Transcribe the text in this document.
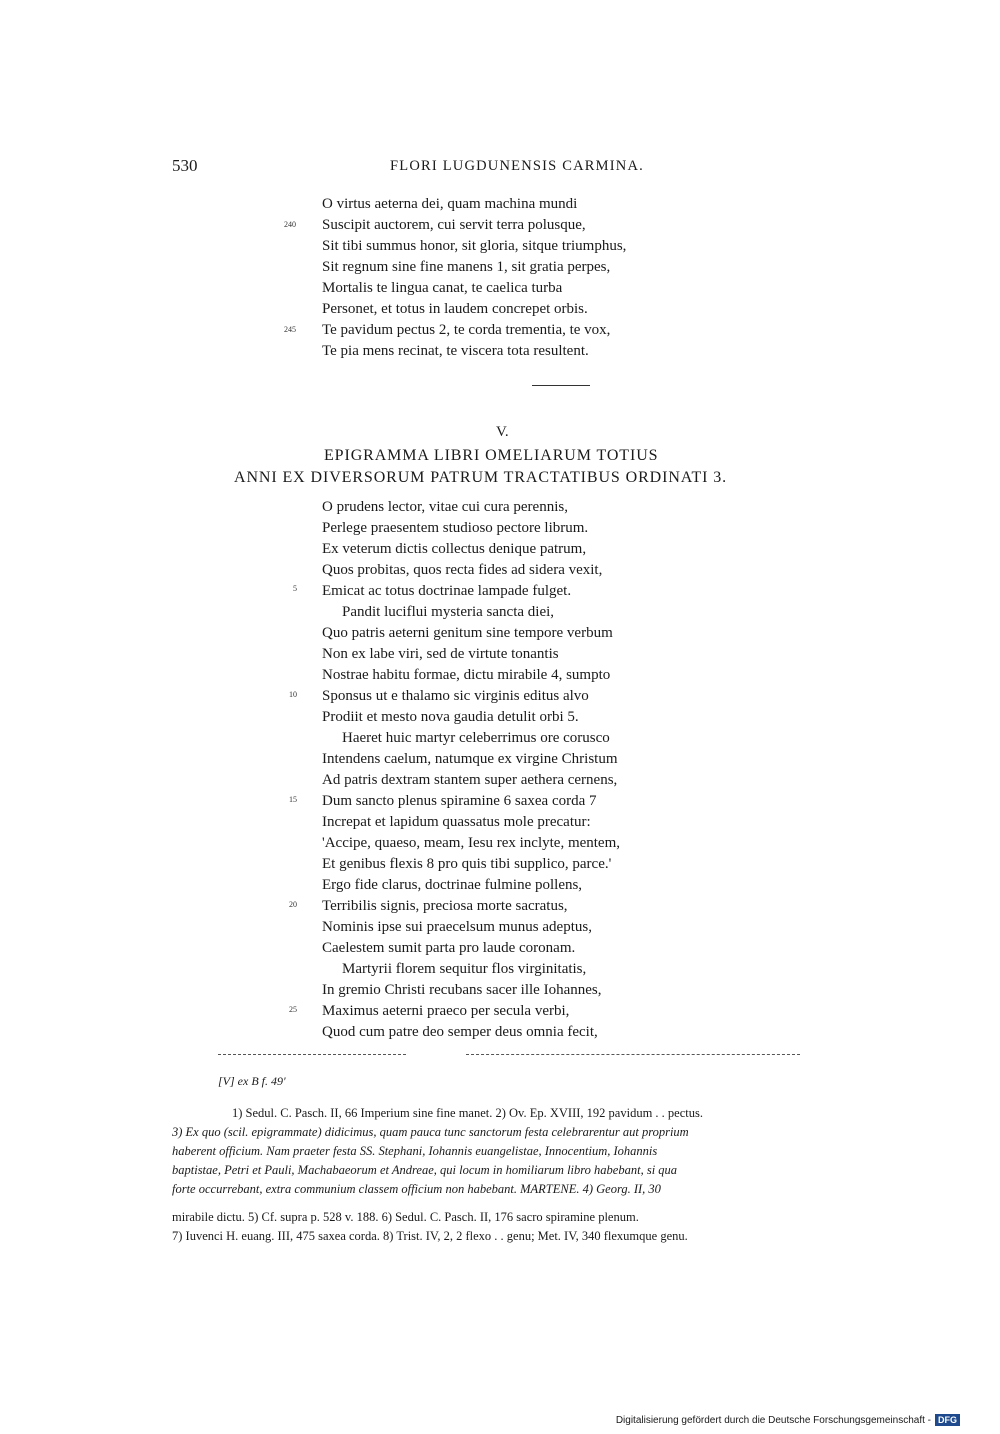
530	FLORI LUGDUNENSIS CARMINA.
O virtus aeterna dei, quam machina mundi
240 Suscipit auctorem, cui servit terra polusque,
Sit tibi summus honor, sit gloria, sitque triumphus,
Sit regnum sine fine manens 1, sit gratia perpes,
Mortalis te lingua canat, te caelica turba
Personet, et totus in laudem concrepet orbis.
245 Te pavidum pectus 2, te corda trementia, te vox,
Te pia mens recinat, te viscera tota resultent.
V.
EPIGRAMMA LIBRI OMELIARUM TOTIUS
ANNI EX DIVERSORUM PATRUM TRACTATIBUS ORDINATI 3.
O prudens lector, vitae cui cura perennis,
Perlege praesentem studioso pectore librum.
Ex veterum dictis collectus denique patrum,
Quos probitas, quos recta fides ad sidera vexit,
5 Emicat ac totus doctrinae lampade fulget.
Pandit luciflui mysteria sancta diei,
Quo patris aeterni genitum sine tempore verbum
Non ex labe viri, sed de virtute tonantis
Nostrae habitu formae, dictu mirabile 4, sumpto
10 Sponsus ut e thalamo sic virginis editus alvo
Prodiit et mesto nova gaudia detulit orbi 5.
Haeret huic martyr celeberrimus ore corusco
Intendens caelum, natumque ex virgine Christum
Ad patris dextram stantem super aethera cernens,
15 Dum sancto plenus spiramine 6 saxea corda 7
Increpat et lapidum quassatus mole precatur:
'Accipe, quaeso, meam, Iesu rex inclyte, mentem,
Et genibus flexis 8 pro quis tibi supplico, parce.'
Ergo fide clarus, doctrinae fulmine pollens,
20 Terribilis signis, preciosa morte sacratus,
Nominis ipse sui praecelsum munus adeptus,
Caelestem sumit parta pro laude coronam.
Martyrii florem sequitur flos virginitatis,
In gremio Christi recubans sacer ille Iohannes,
25 Maximus aeterni praeco per secula verbi,
Quod cum patre deo semper deus omnia fecit,
[V] ex B f. 49'
1) Sedul. C. Pasch. II, 66 Imperium sine fine manet. 2) Ov. Ep. XVIII, 192 pavidum . . pectus.
3) Ex quo (scil. epigrammate) didicimus, quam pauca tunc sanctorum festa celebrarentur aut proprium
haberent officium. Nam praeter festa SS. Stephani, Iohannis euangelistae, Innocentium, Iohannis
baptistae, Petri et Pauli, Machabaeorum et Andreae, qui locum in homiliarum libro habebant, si qua
forte occurrebant, extra communium classem officium non habebant. MARTENE. 4) Georg. II, 30
mirabile dictu. 5) Cf. supra p. 528 v. 188. 6) Sedul. C. Pasch. II, 176 sacro spiramine plenum.
7) Iuvenci H. euang. III, 475 saxea corda. 8) Trist. IV, 2, 2 flexo . . genu; Met. IV, 340 flexumque genu.
Digitalisierung gefördert durch die Deutsche Forschungsgemeinschaft - DFG
